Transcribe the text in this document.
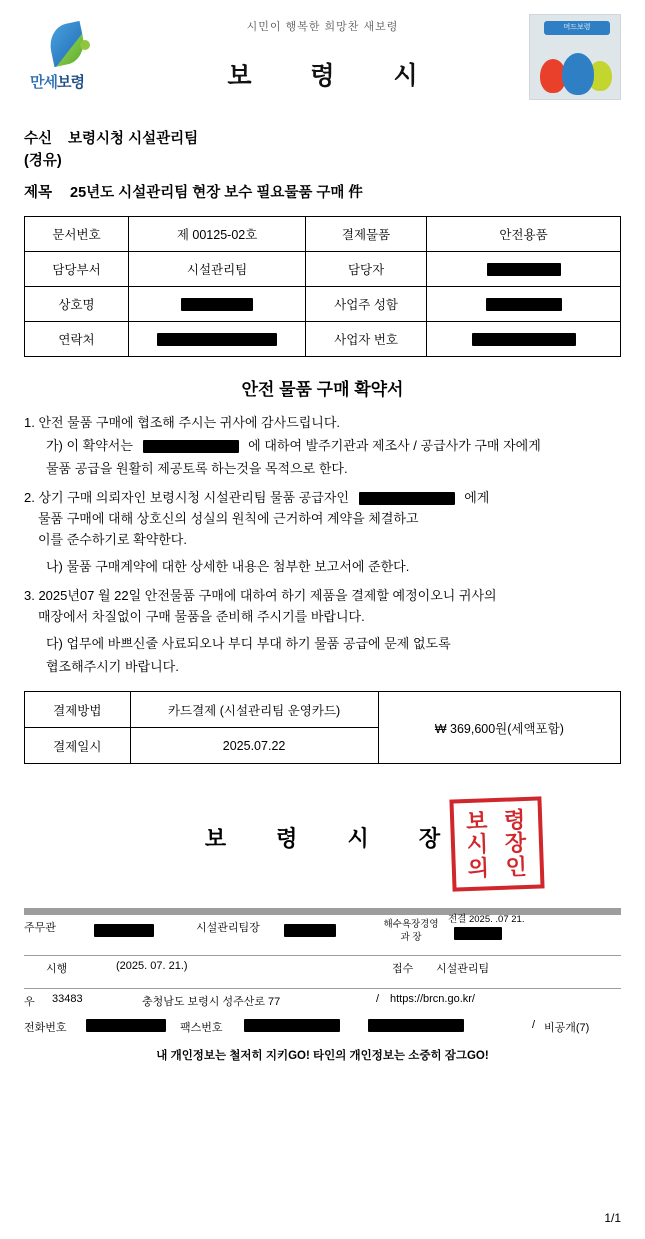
시민이 행복한 희망찬 새보령
보 령 시
만세보령
머드보령
수신 보령시청 시설관리팀
(경유)
제목 25년도 시설관리팀 현장 보수 필요물품 구매 件
문서번호	제 00125-02호	결제물품	안전용품
담당부서	시설관리팀	담당자	
상호명		사업주 성함	
연락처		사업자 번호	
안전 물품 구매 확약서
1. 안전 물품 구매에 협조해 주시는 귀사에 감사드립니다.
가) 이 확약서는	에 대하여 발주기관과 제조사 / 공급사가 구매 자에게
물품 공급을 원활히 제공토록 하는것을 목적으로 한다.
2. 상기 구매 의뢰자인 보령시청 시설관리팀 물품 공급자인	에게
물품 구매에 대해 상호신의 성실의 원칙에 근거하여 계약을 체결하고
이를 준수하기로 확약한다.
나) 물품 구매계약에 대한 상세한 내용은 첨부한 보고서에 준한다.
3. 2025년07 월 22일 안전물품 구매에 대하여 하기 제품을 결제할 예정이오니 귀사의
매장에서 차질없이 구매 물품을 준비해 주시기를 바랍니다.
다) 업무에 바쁘신줄 사료되오나 부디 부대 하기 물품 공급에 문제 없도록
협조해주시기 바랍니다.
결제방법	카드결제 (시설관리팀 운영카드)	₩ 369,600원(세액포함)
결제일시	2025.07.22	
보 령 시 장
보 령
시 장
의 인
주무관	시설관리팀장	해수욕장경영
과 장
전결 2025. .07 21.
시행	(2025. 07. 21.)	접수 시설관리팀
우 33483	충청남도 보령시 성주산로 77	/ https://brcn.go.kr/
전화번호	팩스번호	/ 비공개(7)
내 개인정보는 철저히 지키GO! 타인의 개인정보는 소중히 잠그GO!
1/1
